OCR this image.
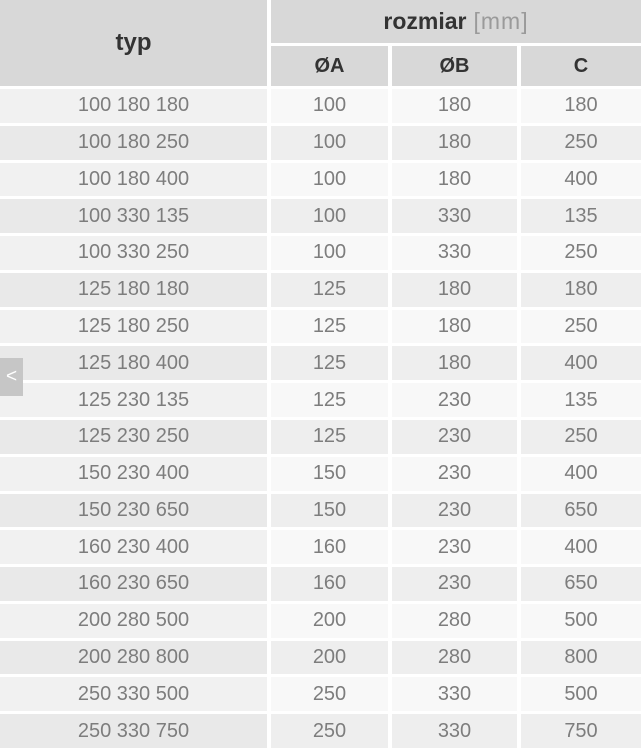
typ
rozmiar [mm]
ØA	ØB	C
100 180 180	100	180	180
100 180 250	100	180	250
100 180 400	100	180	400
100 330 135	100	330	135
100 330 250	100	330	250
125 180 180	125	180	180
125 180 250	125	180	250
125 180 400	125	180	400
125 230 135	125	230	135
125 230 250	125	230	250
150 230 400	150	230	400
150 230 650	150	230	650
160 230 400	160	230	400
160 230 650	160	230	650
200 280 500	200	280	500
200 280 800	200	280	800
250 330 500	250	330	500
250 330 750	250	330	750
<
